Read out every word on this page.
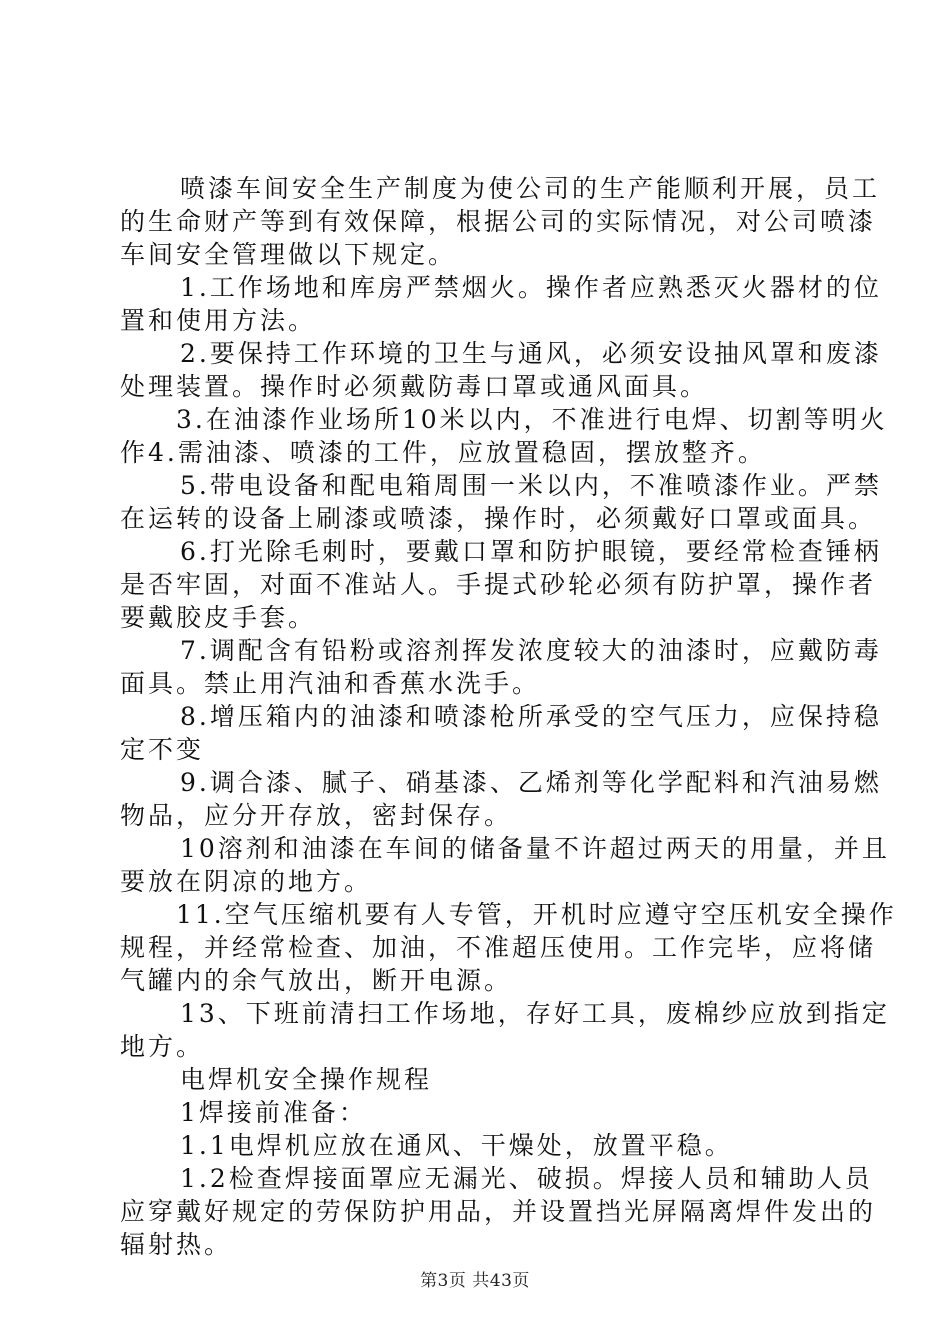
喷漆车间安全生产制度为使公司的生产能顺利开展，员工
的生命财产等到有效保障，根据公司的实际情况，对公司喷漆
车间安全管理做以下规定。
1.工作场地和库房严禁烟火。操作者应熟悉灭火器材的位
置和使用方法。
2.要保持工作环境的卫生与通风，必须安设抽风罩和废漆
处理装置。操作时必须戴防毒口罩或通风面具。
3.在油漆作业场所10米以内，不准进行电焊、切割等明火
作4.需油漆、喷漆的工件，应放置稳固，摆放整齐。
5.带电设备和配电箱周围一米以内，不准喷漆作业。严禁
在运转的设备上刷漆或喷漆，操作时，必须戴好口罩或面具。
6.打光除毛刺时，要戴口罩和防护眼镜，要经常检查锤柄
是否牢固，对面不准站人。手提式砂轮必须有防护罩，操作者
要戴胶皮手套。
7.调配含有铅粉或溶剂挥发浓度较大的油漆时，应戴防毒
面具。禁止用汽油和香蕉水洗手。
8.增压箱内的油漆和喷漆枪所承受的空气压力，应保持稳
定不变
9.调合漆、腻子、硝基漆、乙烯剂等化学配料和汽油易燃
物品，应分开存放，密封保存。
10溶剂和油漆在车间的储备量不许超过两天的用量，并且
要放在阴凉的地方。
11.空气压缩机要有人专管，开机时应遵守空压机安全操作
规程，并经常检查、加油，不准超压使用。工作完毕，应将储
气罐内的余气放出，断开电源。
13、下班前清扫工作场地，存好工具，废棉纱应放到指定
地方。
电焊机安全操作规程
1焊接前准备：
1.1电焊机应放在通风、干燥处，放置平稳。
1.2检查焊接面罩应无漏光、破损。焊接人员和辅助人员
应穿戴好规定的劳保防护用品，并设置挡光屏隔离焊件发出的
辐射热。
第3页 共43页
